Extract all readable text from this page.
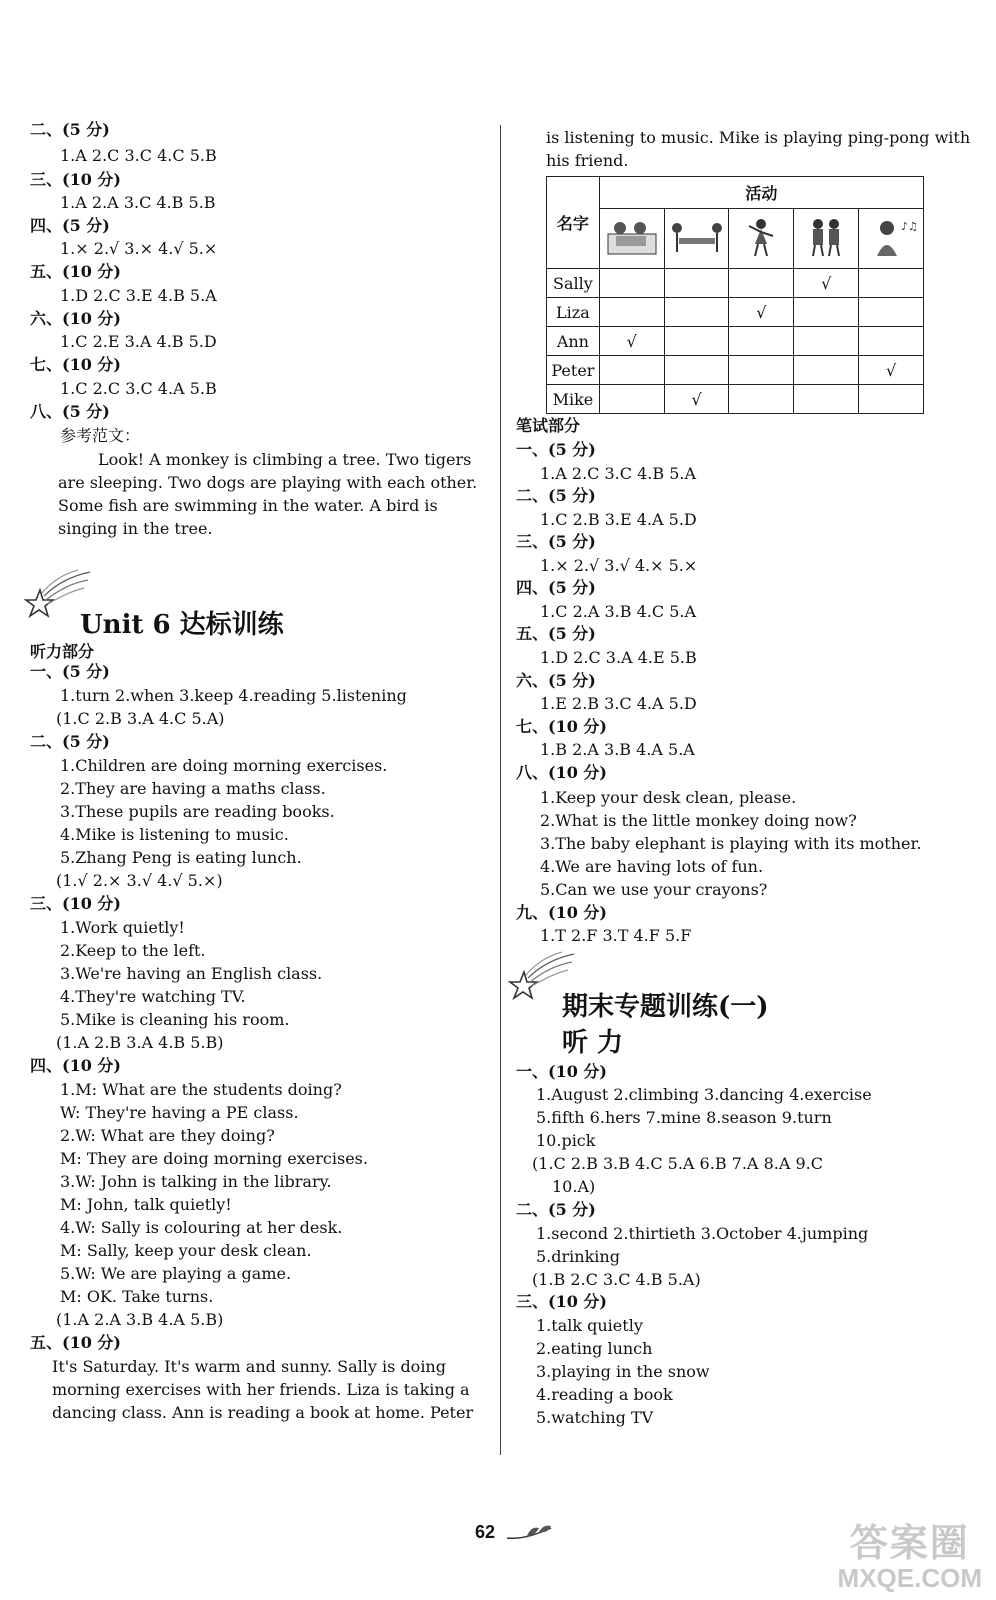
二、(5 分)
1.A 2.C 3.C 4.C 5.B
三、(10 分)
1.A 2.A 3.C 4.B 5.B
四、(5 分)
1.× 2.√ 3.× 4.√ 5.×
五、(10 分)
1.D 2.C 3.E 4.B 5.A
六、(10 分)
1.C 2.E 3.A 4.B 5.D
七、(10 分)
1.C 2.C 3.C 4.A 5.B
八、(5 分)
参考范文：
Look! A monkey is climbing a tree. Two tigers
are sleeping. Two dogs are playing with each other.
Some fish are swimming in the water. A bird is
singing in the tree.
Unit 6 达标训练
听力部分
一、(5 分)
1.turn 2.when 3.keep 4.reading 5.listening
(1.C 2.B 3.A 4.C 5.A)
二、(5 分)
1.Children are doing morning exercises.
2.They are having a maths class.
3.These pupils are reading books.
4.Mike is listening to music.
5.Zhang Peng is eating lunch.
(1.√ 2.× 3.√ 4.√ 5.×)
三、(10 分)
1.Work quietly!
2.Keep to the left.
3.We're having an English class.
4.They're watching TV.
5.Mike is cleaning his room.
(1.A 2.B 3.A 4.B 5.B)
四、(10 分)
1.M: What are the students doing?
W: They're having a PE class.
2.W: What are they doing?
M: They are doing morning exercises.
3.W: John is talking in the library.
M: John, talk quietly!
4.W: Sally is colouring at her desk.
M: Sally, keep your desk clean.
5.W: We are playing a game.
M: OK. Take turns.
(1.A 2.A 3.B 4.A 5.B)
五、(10 分)
It's Saturday. It's warm and sunny. Sally is doing
morning exercises with her friends. Liza is taking a
dancing class. Ann is reading a book at home. Peter
is listening to music. Mike is playing ping-pong with
his friend.
名字	活动				

♪♫

Sally				√	
Liza			√		
Ann	√				
Peter					√
Mike		√			
笔试部分
一、(5 分)
1.A 2.C 3.C 4.B 5.A
二、(5 分)
1.C 2.B 3.E 4.A 5.D
三、(5 分)
1.× 2.√ 3.√ 4.× 5.×
四、(5 分)
1.C 2.A 3.B 4.C 5.A
五、(5 分)
1.D 2.C 3.A 4.E 5.B
六、(5 分)
1.E 2.B 3.C 4.A 5.D
七、(10 分)
1.B 2.A 3.B 4.A 5.A
八、(10 分)
1.Keep your desk clean, please.
2.What is the little monkey doing now?
3.The baby elephant is playing with its mother.
4.We are having lots of fun.
5.Can we use your crayons?
九、(10 分)
1.T 2.F 3.T 4.F 5.F
期末专题训练(一)
听 力
一、(10 分)
1.August 2.climbing 3.dancing 4.exercise
5.fifth 6.hers 7.mine 8.season 9.turn
10.pick
(1.C 2.B 3.B 4.C 5.A 6.B 7.A 8.A 9.C
10.A)
二、(5 分)
1.second 2.thirtieth 3.October 4.jumping
5.drinking
(1.B 2.C 3.C 4.B 5.A)
三、(10 分)
1.talk quietly
2.eating lunch
3.playing in the snow
4.reading a book
5.watching TV
62	答案圈
MXQE.COM
